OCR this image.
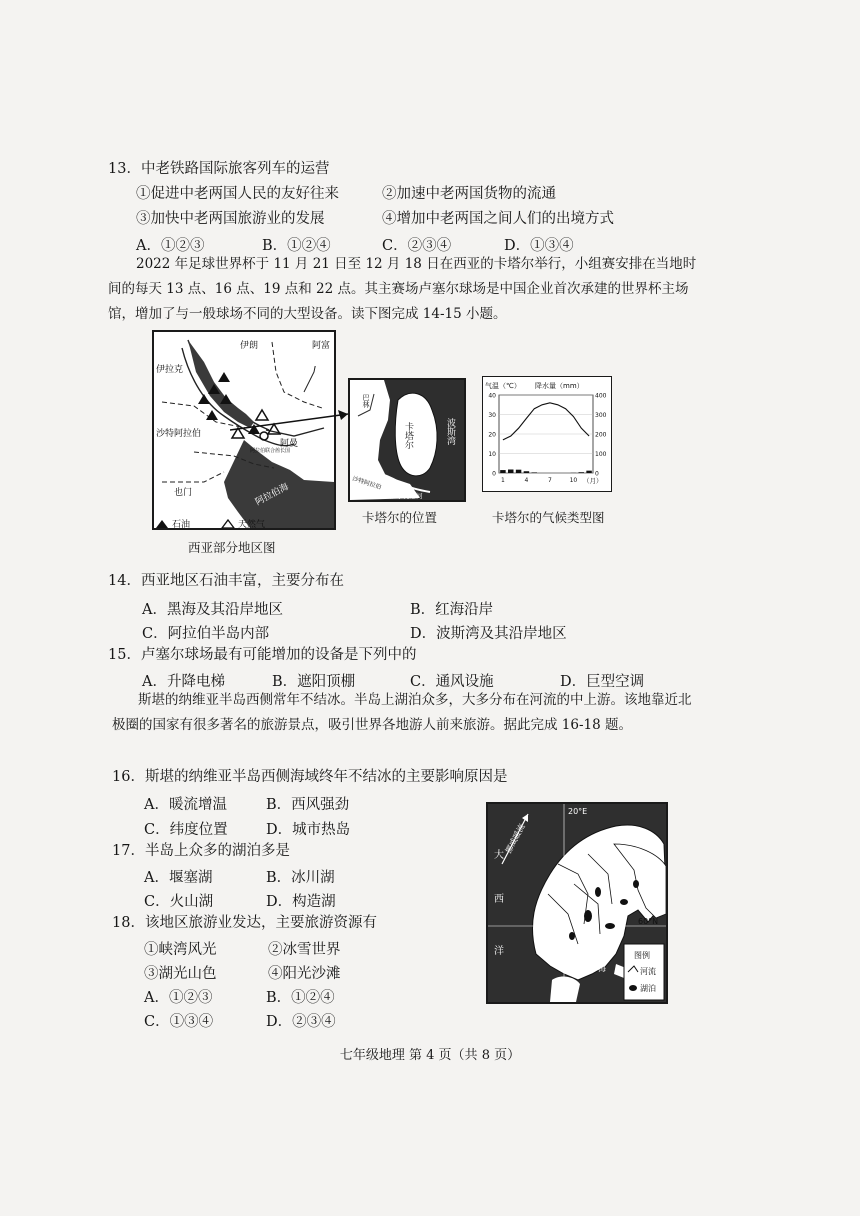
13．中老铁路国际旅客列车的运营
①促进中老两国人民的友好往来	②加速中老两国货物的流通
③加快中老两国旅游业的发展	④增加中老两国之间人们的出境方式
A．①②③	B．①②④	C．②③④	D．①③④
2022 年足球世界杯于 11 月 21 日至 12 月 18 日在西亚的卡塔尔举行，小组赛安排在当地时间的每天 13 点、16 点、19 点和 22 点。其主赛场卢塞尔球场是中国企业首次承建的世界杯主场馆，增加了与一般球场不同的大型设备。读下图完成 14-15 小题。
伊朗
伊拉克
阿富
沙特阿拉伯
阿曼
阿拉伯联合酋长国
也门	阿拉伯海
石油	天然气
西亚部分地区图
卡塔尔	波斯湾
巴林
沙特阿拉伯
萨尔瓦运河
卡塔尔的位置
气温（℃） 降水量（mm）
0
10
20
30
40
0
100
200
300
400
1	4	7	10 （月）
卡塔尔的气候类型图
14．西亚地区石油丰富，主要分布在
A．黑海及其沿岸地区	B．红海沿岸
C．阿拉伯半岛内部	D．波斯湾及其沿岸地区
15．卢塞尔球场最有可能增加的设备是下列中的
A．升降电梯	B．遮阳顶棚	C．通风设施	D．巨型空调
斯堪的纳维亚半岛西侧常年不结冰。半岛上湖泊众多，大多分布在河流的中上游。该地靠近北极圈的国家有很多著名的旅游景点，吸引世界各地游人前来旅游。据此完成 16-18 题。
16．斯堪的纳维亚半岛西侧海域终年不结冰的主要影响原因是
A．暖流增温	B．西风强劲
C．纬度位置	D．城市热岛
17．半岛上众多的湖泊多是
A．堰塞湖	B．冰川湖
C．火山湖	D．构造湖
18．该地区旅游业发达，主要旅游资源有
①峡湾风光	②冰雪世界
③湖光山色	④阳光沙滩
A．①②③	B．①②④
C．①③④	D．②③④
挪威暖流
大
西
洋
20°E
60°N
波罗的海	图例
河流
湖泊
七年级地理 第 4 页（共 8 页）
